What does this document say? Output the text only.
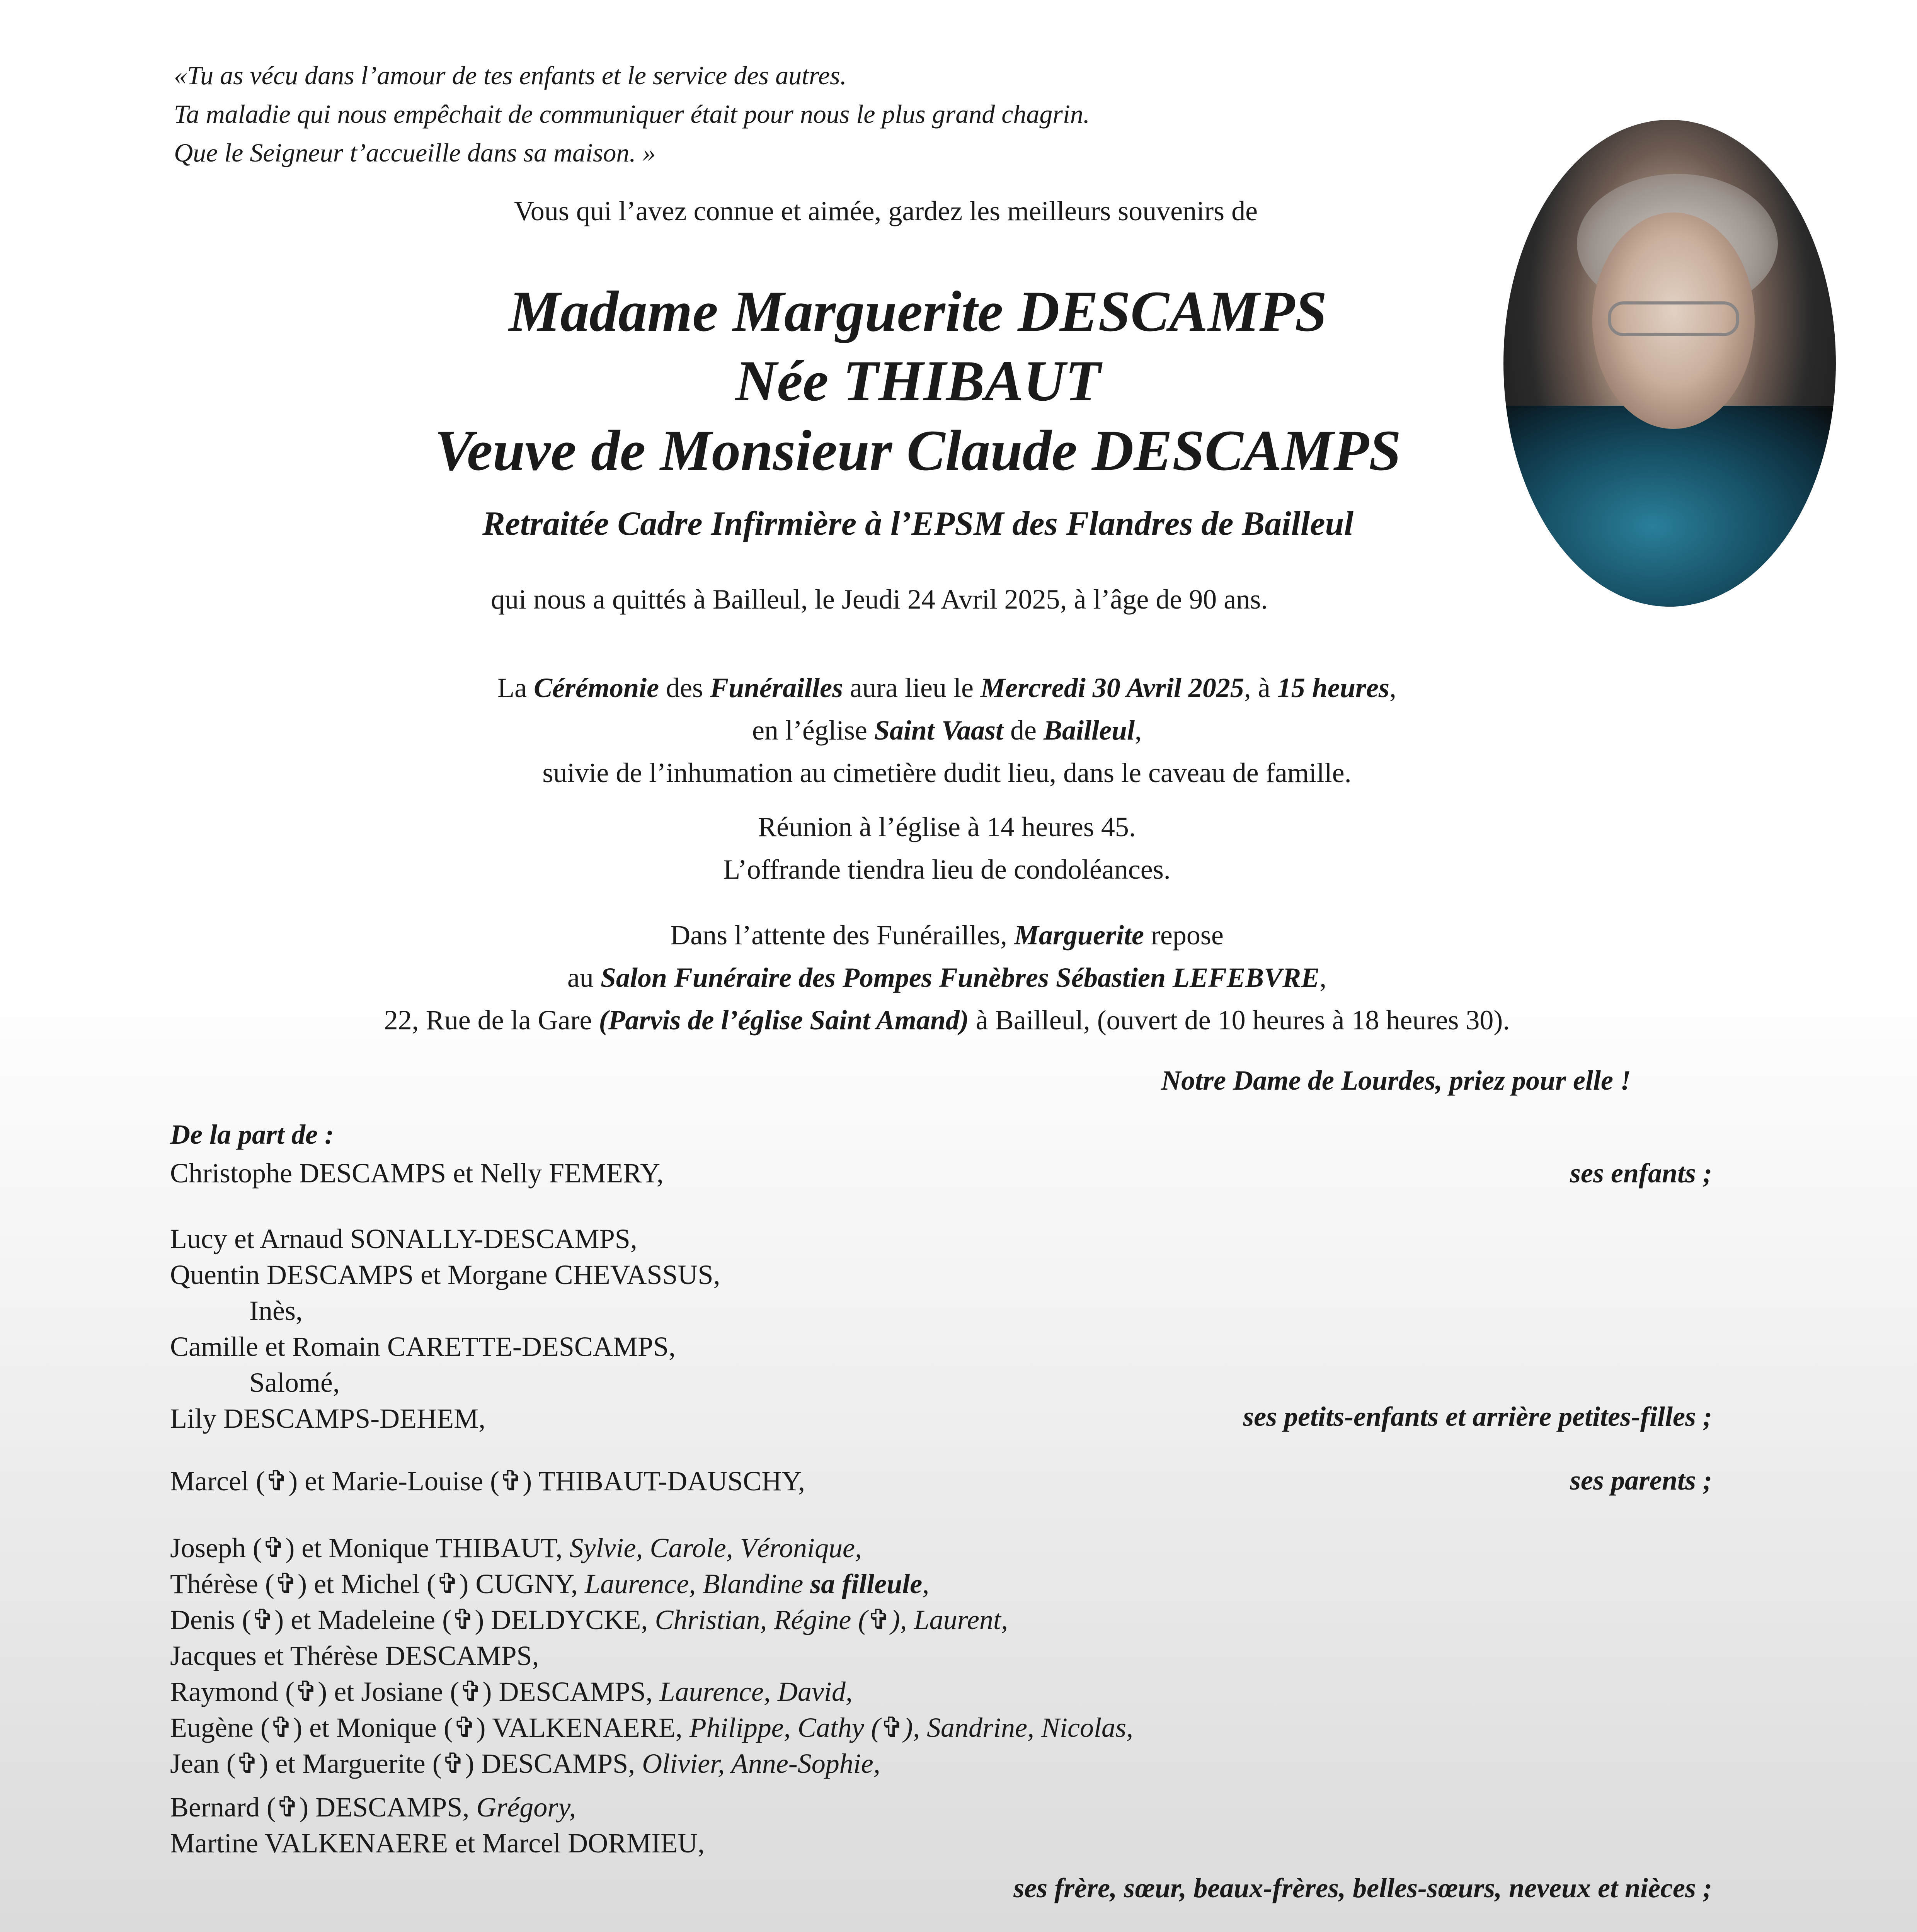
«Tu as vécu dans l’amour de tes enfants et le service des autres.
Ta maladie qui nous empêchait de communiquer était pour nous le plus grand chagrin.
Que le Seigneur t’accueille dans sa maison. »
Vous qui l’avez connue et aimée, gardez les meilleurs souvenirs de
Madame Marguerite DESCAMPS
Née THIBAUT
Veuve de Monsieur Claude DESCAMPS
Retraitée Cadre Infirmière à l’EPSM des Flandres de Bailleul
qui nous a quittés à Bailleul, le Jeudi 24 Avril 2025, à l’âge de 90 ans.
La Cérémonie des Funérailles aura lieu le Mercredi 30 Avril 2025, à 15 heures,
en l’église Saint Vaast de Bailleul,
suivie de l’inhumation au cimetière dudit lieu, dans le caveau de famille.
Réunion à l’église à 14 heures 45.
L’offrande tiendra lieu de condoléances.
Dans l’attente des Funérailles, Marguerite repose
au Salon Funéraire des Pompes Funèbres Sébastien LEFEBVRE,
22, Rue de la Gare (Parvis de l’église Saint Amand) à Bailleul, (ouvert de 10 heures à 18 heures 30).
Notre Dame de Lourdes, priez pour elle !
De la part de :
Christophe DESCAMPS et Nelly FEMERY,	ses enfants ;
Lucy et Arnaud SONALLY-DESCAMPS,
Quentin DESCAMPS et Morgane CHEVASSUS,
Inès,
Camille et Romain CARETTE-DESCAMPS,
Salomé,
Lily DESCAMPS-DEHEM,	ses petits-enfants et arrière petites-filles ;
Marcel (✞) et Marie-Louise (✞) THIBAUT-DAUSCHY,	ses parents ;
Joseph (✞) et Monique THIBAUT, Sylvie, Carole, Véronique,
Thérèse (✞) et Michel (✞) CUGNY, Laurence, Blandine sa filleule,
Denis (✞) et Madeleine (✞) DELDYCKE, Christian, Régine (✞), Laurent,
Jacques et Thérèse DESCAMPS,
Raymond (✞) et Josiane (✞) DESCAMPS, Laurence, David,
Eugène (✞) et Monique (✞) VALKENAERE, Philippe, Cathy (✞), Sandrine, Nicolas,
Jean (✞) et Marguerite (✞) DESCAMPS, Olivier, Anne-Sophie,
Bernard (✞) DESCAMPS, Grégory,
Martine VALKENAERE et Marcel DORMIEU,
ses frère, sœur, beaux-frères, belles-sœurs, neveux et nièces ;
